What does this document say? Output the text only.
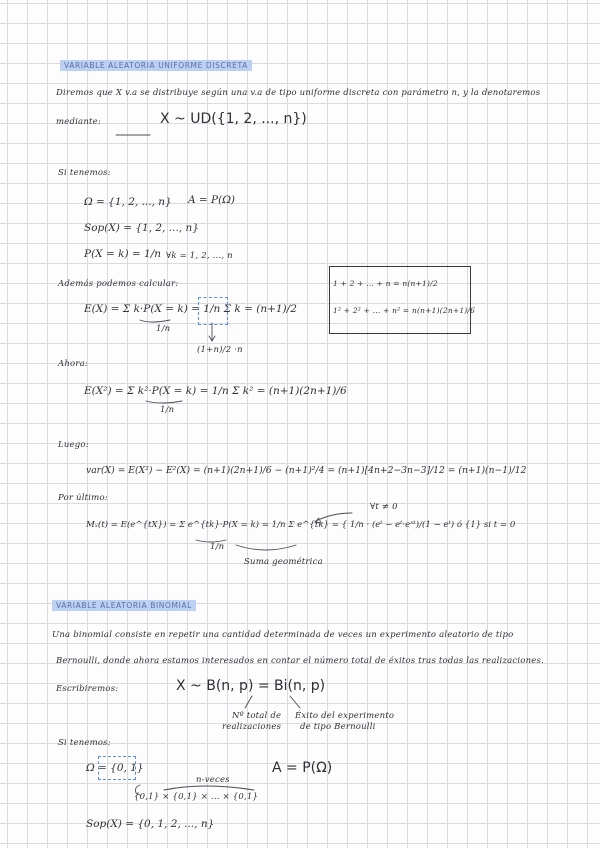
VARIABLE ALEATORIA UNIFORME DISCRETA
Diremos que X v.a se distribuye según una v.a de tipo uniforme discreta con parámetro n, y la denotaremos
mediante:	X ~ UD({1, 2, ..., n})
Si tenemos:
Ω = {1, 2, ..., n} A = P(Ω)
Sop(X) = {1, 2, ..., n}
P(X = k) = 1/n ∀k = 1, 2, ..., n
Además podemos calcular:	1 + 2 + ... + n = n(n+1)/2
1² + 2² + ... + n² = n(n+1)(2n+1)/6
E(X) = Σ k·P(X = k) = 1/n Σ k = (n+1)/2
1/n
(1+n)/2 ·n
Ahora:
E(X²) = Σ k²·P(X = k) = 1/n Σ k² = (n+1)(2n+1)/6
1/n
Luego:
var(X) = E(X²) − E²(X) = (n+1)(2n+1)/6 − (n+1)²/4 = (n+1)[4n+2−3n−3]/12 = (n+1)(n−1)/12
Por último:
∀t ≠ 0
Mₓ(t) = E(e^{tX}) = Σ e^{tk}·P(X = k) = 1/n Σ e^{tk} = { 1/n · (eᵗ − eᵗ·eⁿᵗ)/(1 − eᵗ) ó {1} si t = 0
1/n
Suma geométrica
VARIABLE ALEATORIA BINOMIAL
Una binomial consiste en repetir una cantidad determinada de veces un experimento aleatorio de tipo
Bernoulli, donde ahora estamos interesados en contar el número total de éxitos tras todas las realizaciones.
Escribiremos:	X ~ B(n, p) = Bi(n, p)
Nº total de
realizaciones
Éxito del experimento
de tipo Bernoulli
Si tenemos:
Ω = {0, 1}
n-veces
{0,1} × {0,1} × ... × {0,1}
A = P(Ω)
Sop(X) = {0, 1, 2, ..., n}
